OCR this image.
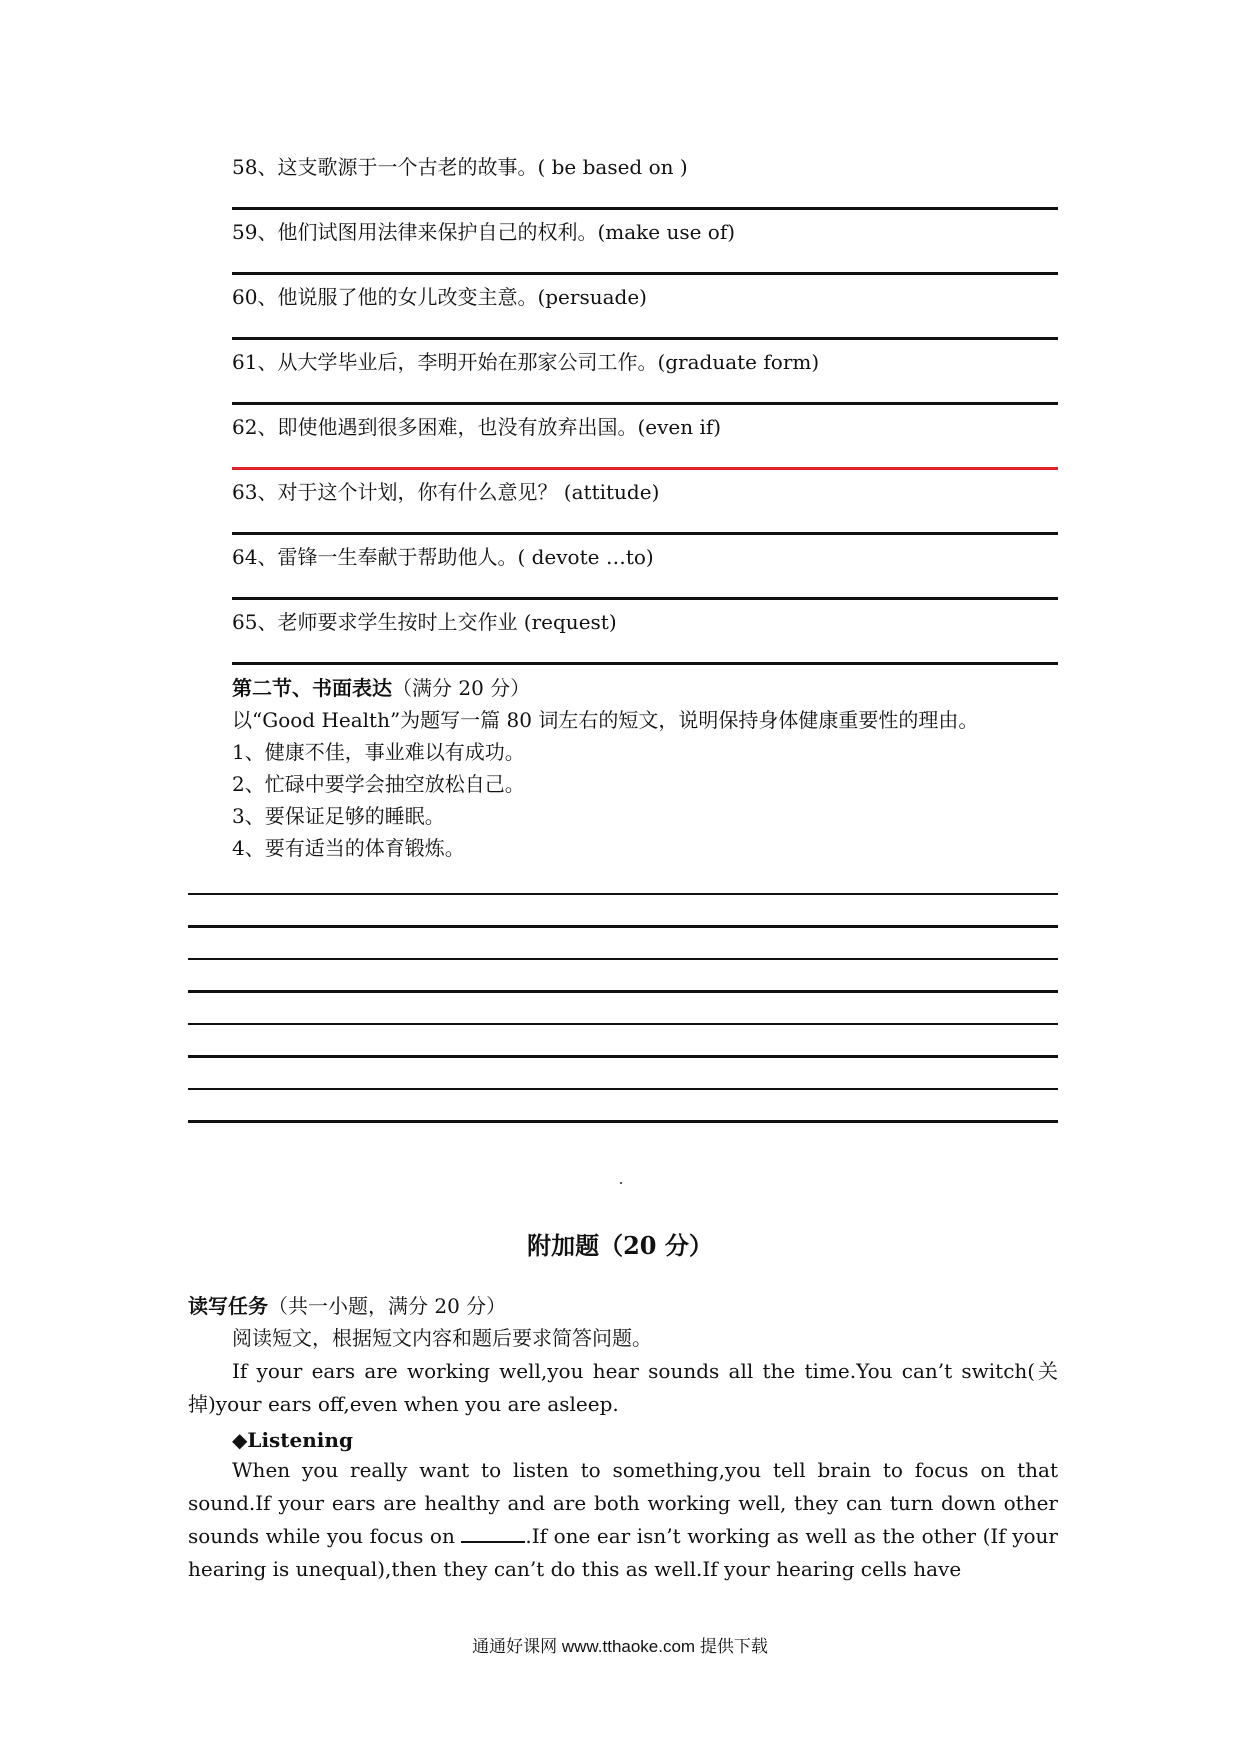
58、这支歌源于一个古老的故事。( be based on )
59、他们试图用法律来保护自己的权利。(make use of)
60、他说服了他的女儿改变主意。(persuade)
61、从大学毕业后，李明开始在那家公司工作。(graduate form)
62、即使他遇到很多困难，也没有放弃出国。(even if)
63、对于这个计划，你有什么意见？ (attitude)
64、雷锋一生奉献于帮助他人。( devote …to)
65、老师要求学生按时上交作业 (request)
第二节、书面表达（满分 20 分）
以“Good Health”为题写一篇 80 词左右的短文，说明保持身体健康重要性的理由。
1、健康不佳，事业难以有成功。
2、忙碌中要学会抽空放松自己。
3、要保证足够的睡眠。
4、要有适当的体育锻炼。
附加题（20 分）
读写任务（共一小题，满分 20 分）
阅读短文，根据短文内容和题后要求简答问题。
If your ears are working well,you hear sounds all the time.You can’t switch(关掉)your ears off,even when you are asleep.
◆Listening
When you really want to listen to something,you tell brain to focus on that sound.If your ears are healthy and are both working well, they can turn down other sounds while you focus on	.If one ear isn’t working as well as the other (If your hearing is unequal),then they can’t do this as well.If your hearing cells have
通通好课网 www.tthaoke.com 提供下载
